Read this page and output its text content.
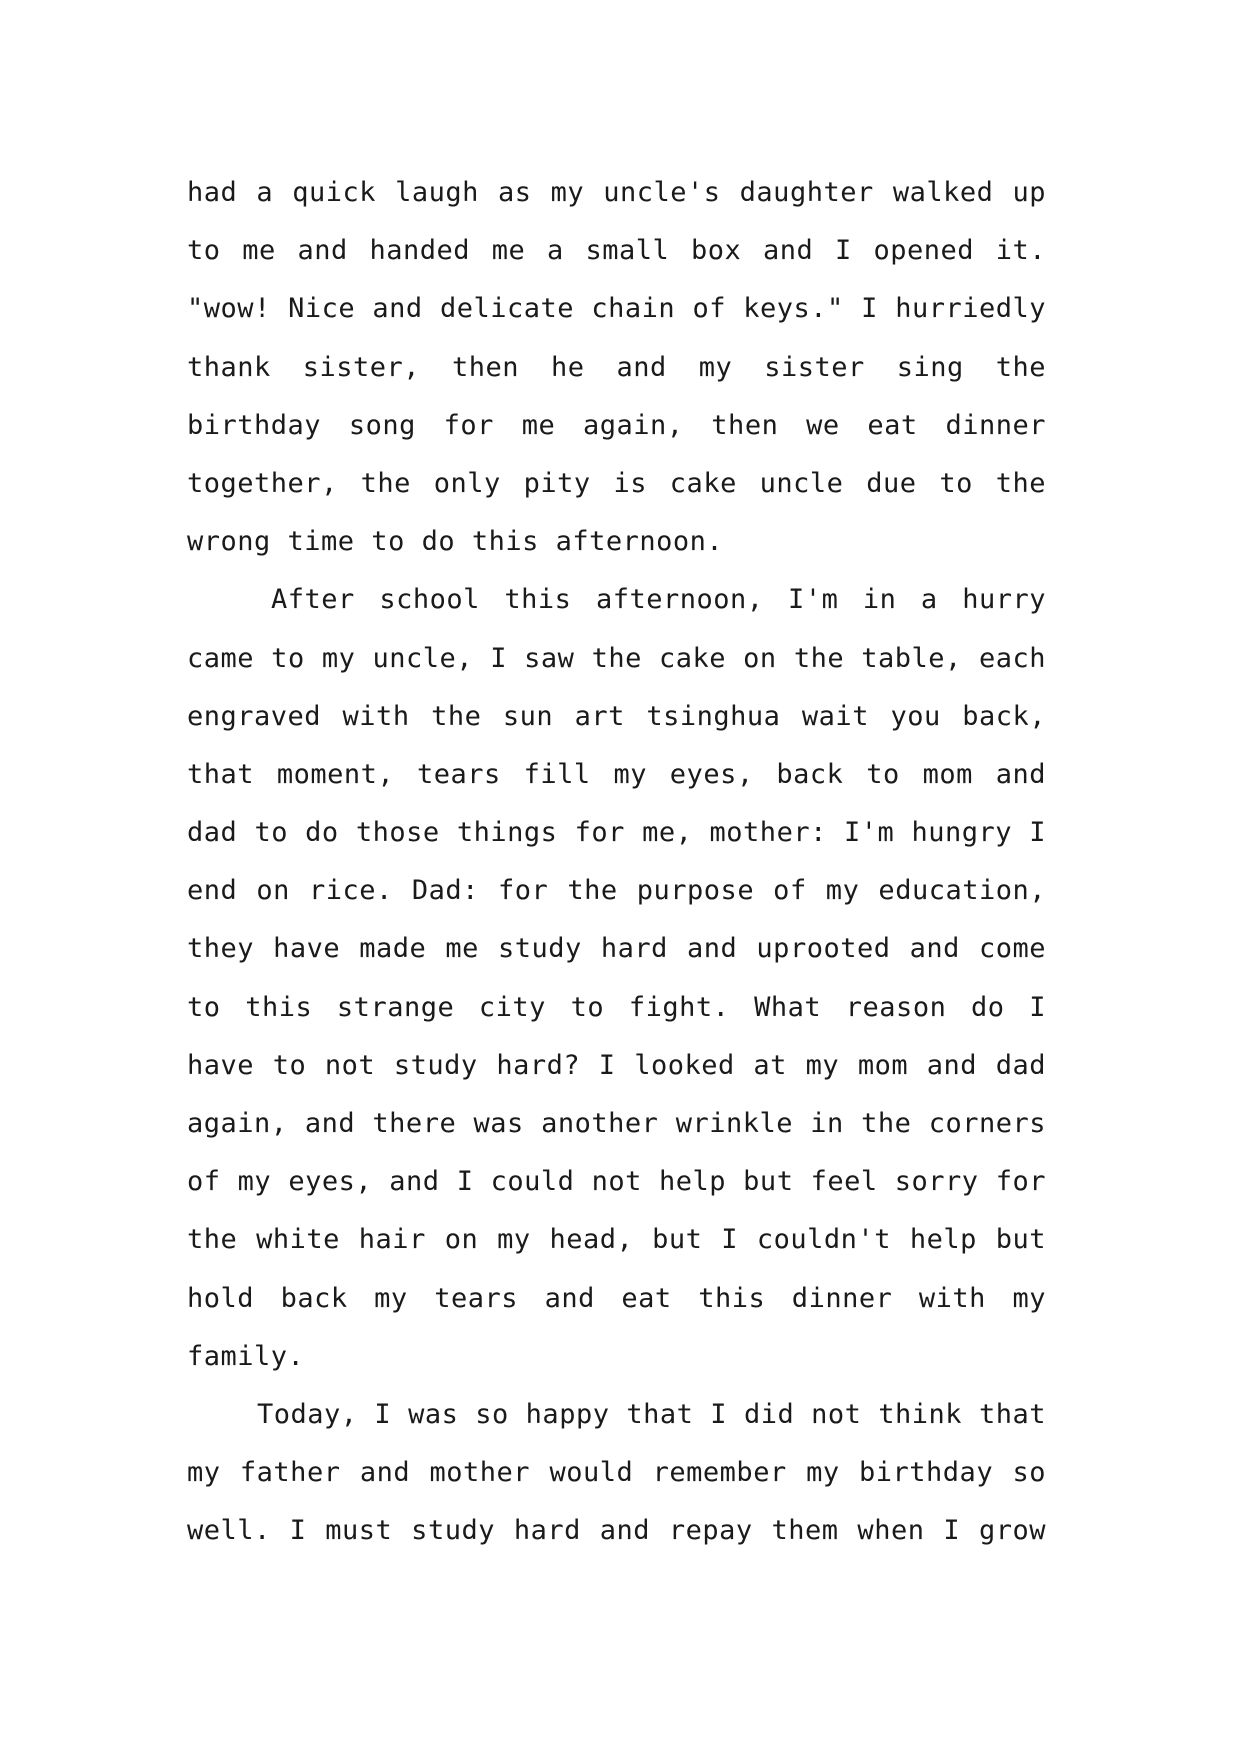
had a quick laugh as my uncle's daughter walked up
to me and handed me a small box and I opened it.
"wow! Nice and delicate chain of keys." I hurriedly
thank sister, then he and my sister sing the
birthday song for me again, then we eat dinner
together, the only pity is cake uncle due to the
wrong time to do this afternoon.
After school this afternoon, I'm in a hurry
came to my uncle, I saw the cake on the table, each
engraved with the sun art tsinghua wait you back,
that moment, tears fill my eyes, back to mom and
dad to do those things for me, mother: I'm hungry I
end on rice. Dad: for the purpose of my education,
they have made me study hard and uprooted and come
to this strange city to fight. What reason do I
have to not study hard? I looked at my mom and dad
again, and there was another wrinkle in the corners
of my eyes, and I could not help but feel sorry for
the white hair on my head, but I couldn't help but
hold back my tears and eat this dinner with my
family.
Today, I was so happy that I did not think that
my father and mother would remember my birthday so
well. I must study hard and repay them when I grow
